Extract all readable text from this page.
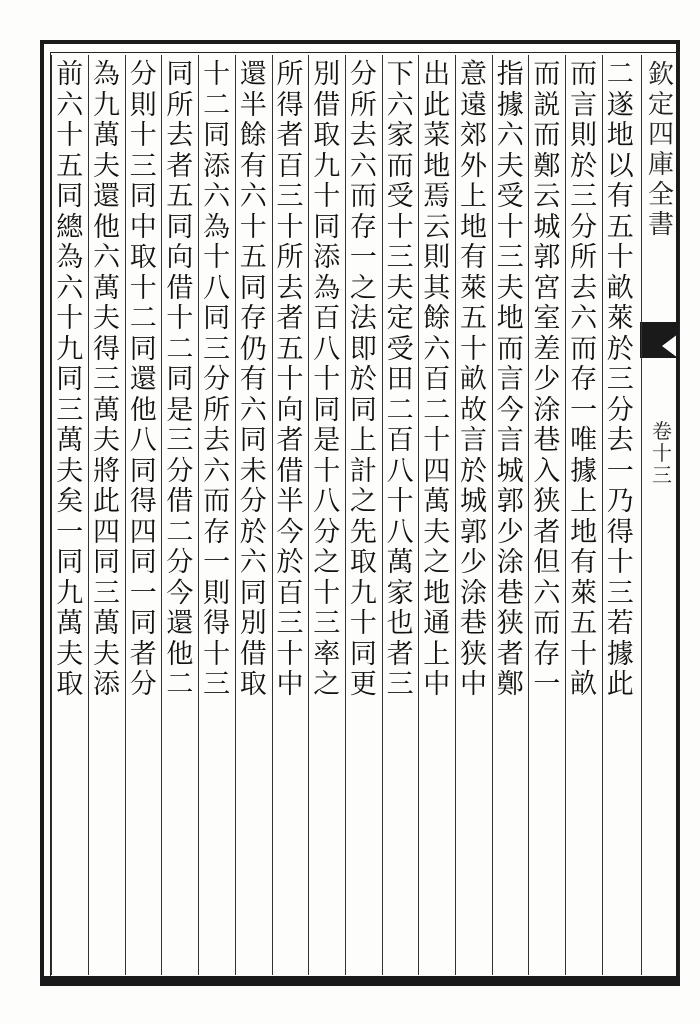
欽
定
四
庫
全
書
卷
十
三
二
遂
地
以
有
五
十
畝
萊
於
三
分
去
一
乃
得
十
三
若
據
此
而
言
則
於
三
分
所
去
六
而
存
一
唯
據
上
地
有
萊
五
十
畝
而
説
而
鄭
云
城
郭
宮
室
差
少
涂
巷
入
狭
者
但
六
而
存
一
指
據
六
夫
受
十
三
夫
地
而
言
今
言
城
郭
少
涂
巷
狭
者
鄭
意
遠
郊
外
上
地
有
萊
五
十
畝
故
言
於
城
郭
少
涂
巷
狭
中
出
此
菜
地
焉
云
則
其
餘
六
百
二
十
四
萬
夫
之
地
通
上
中
下
六
家
而
受
十
三
夫
定
受
田
二
百
八
十
八
萬
家
也
者
三
分
所
去
六
而
存
一
之
法
即
於
同
上
計
之
先
取
九
十
同
更
別
借
取
九
十
同
添
為
百
八
十
同
是
十
八
分
之
十
三
率
之
所
得
者
百
三
十
所
去
者
五
十
向
者
借
半
今
於
百
三
十
中
還
半
餘
有
六
十
五
同
存
仍
有
六
同
未
分
於
六
同
別
借
取
十
二
同
添
六
為
十
八
同
三
分
所
去
六
而
存
一
則
得
十
三
同
所
去
者
五
同
向
借
十
二
同
是
三
分
借
二
分
今
還
他
二
分
則
十
三
同
中
取
十
二
同
還
他
八
同
得
四
同
一
同
者
分
為
九
萬
夫
還
他
六
萬
夫
得
三
萬
夫
將
此
四
同
三
萬
夫
添
前
六
十
五
同
總
為
六
十
九
同
三
萬
夫
矣
一
同
九
萬
夫
取
